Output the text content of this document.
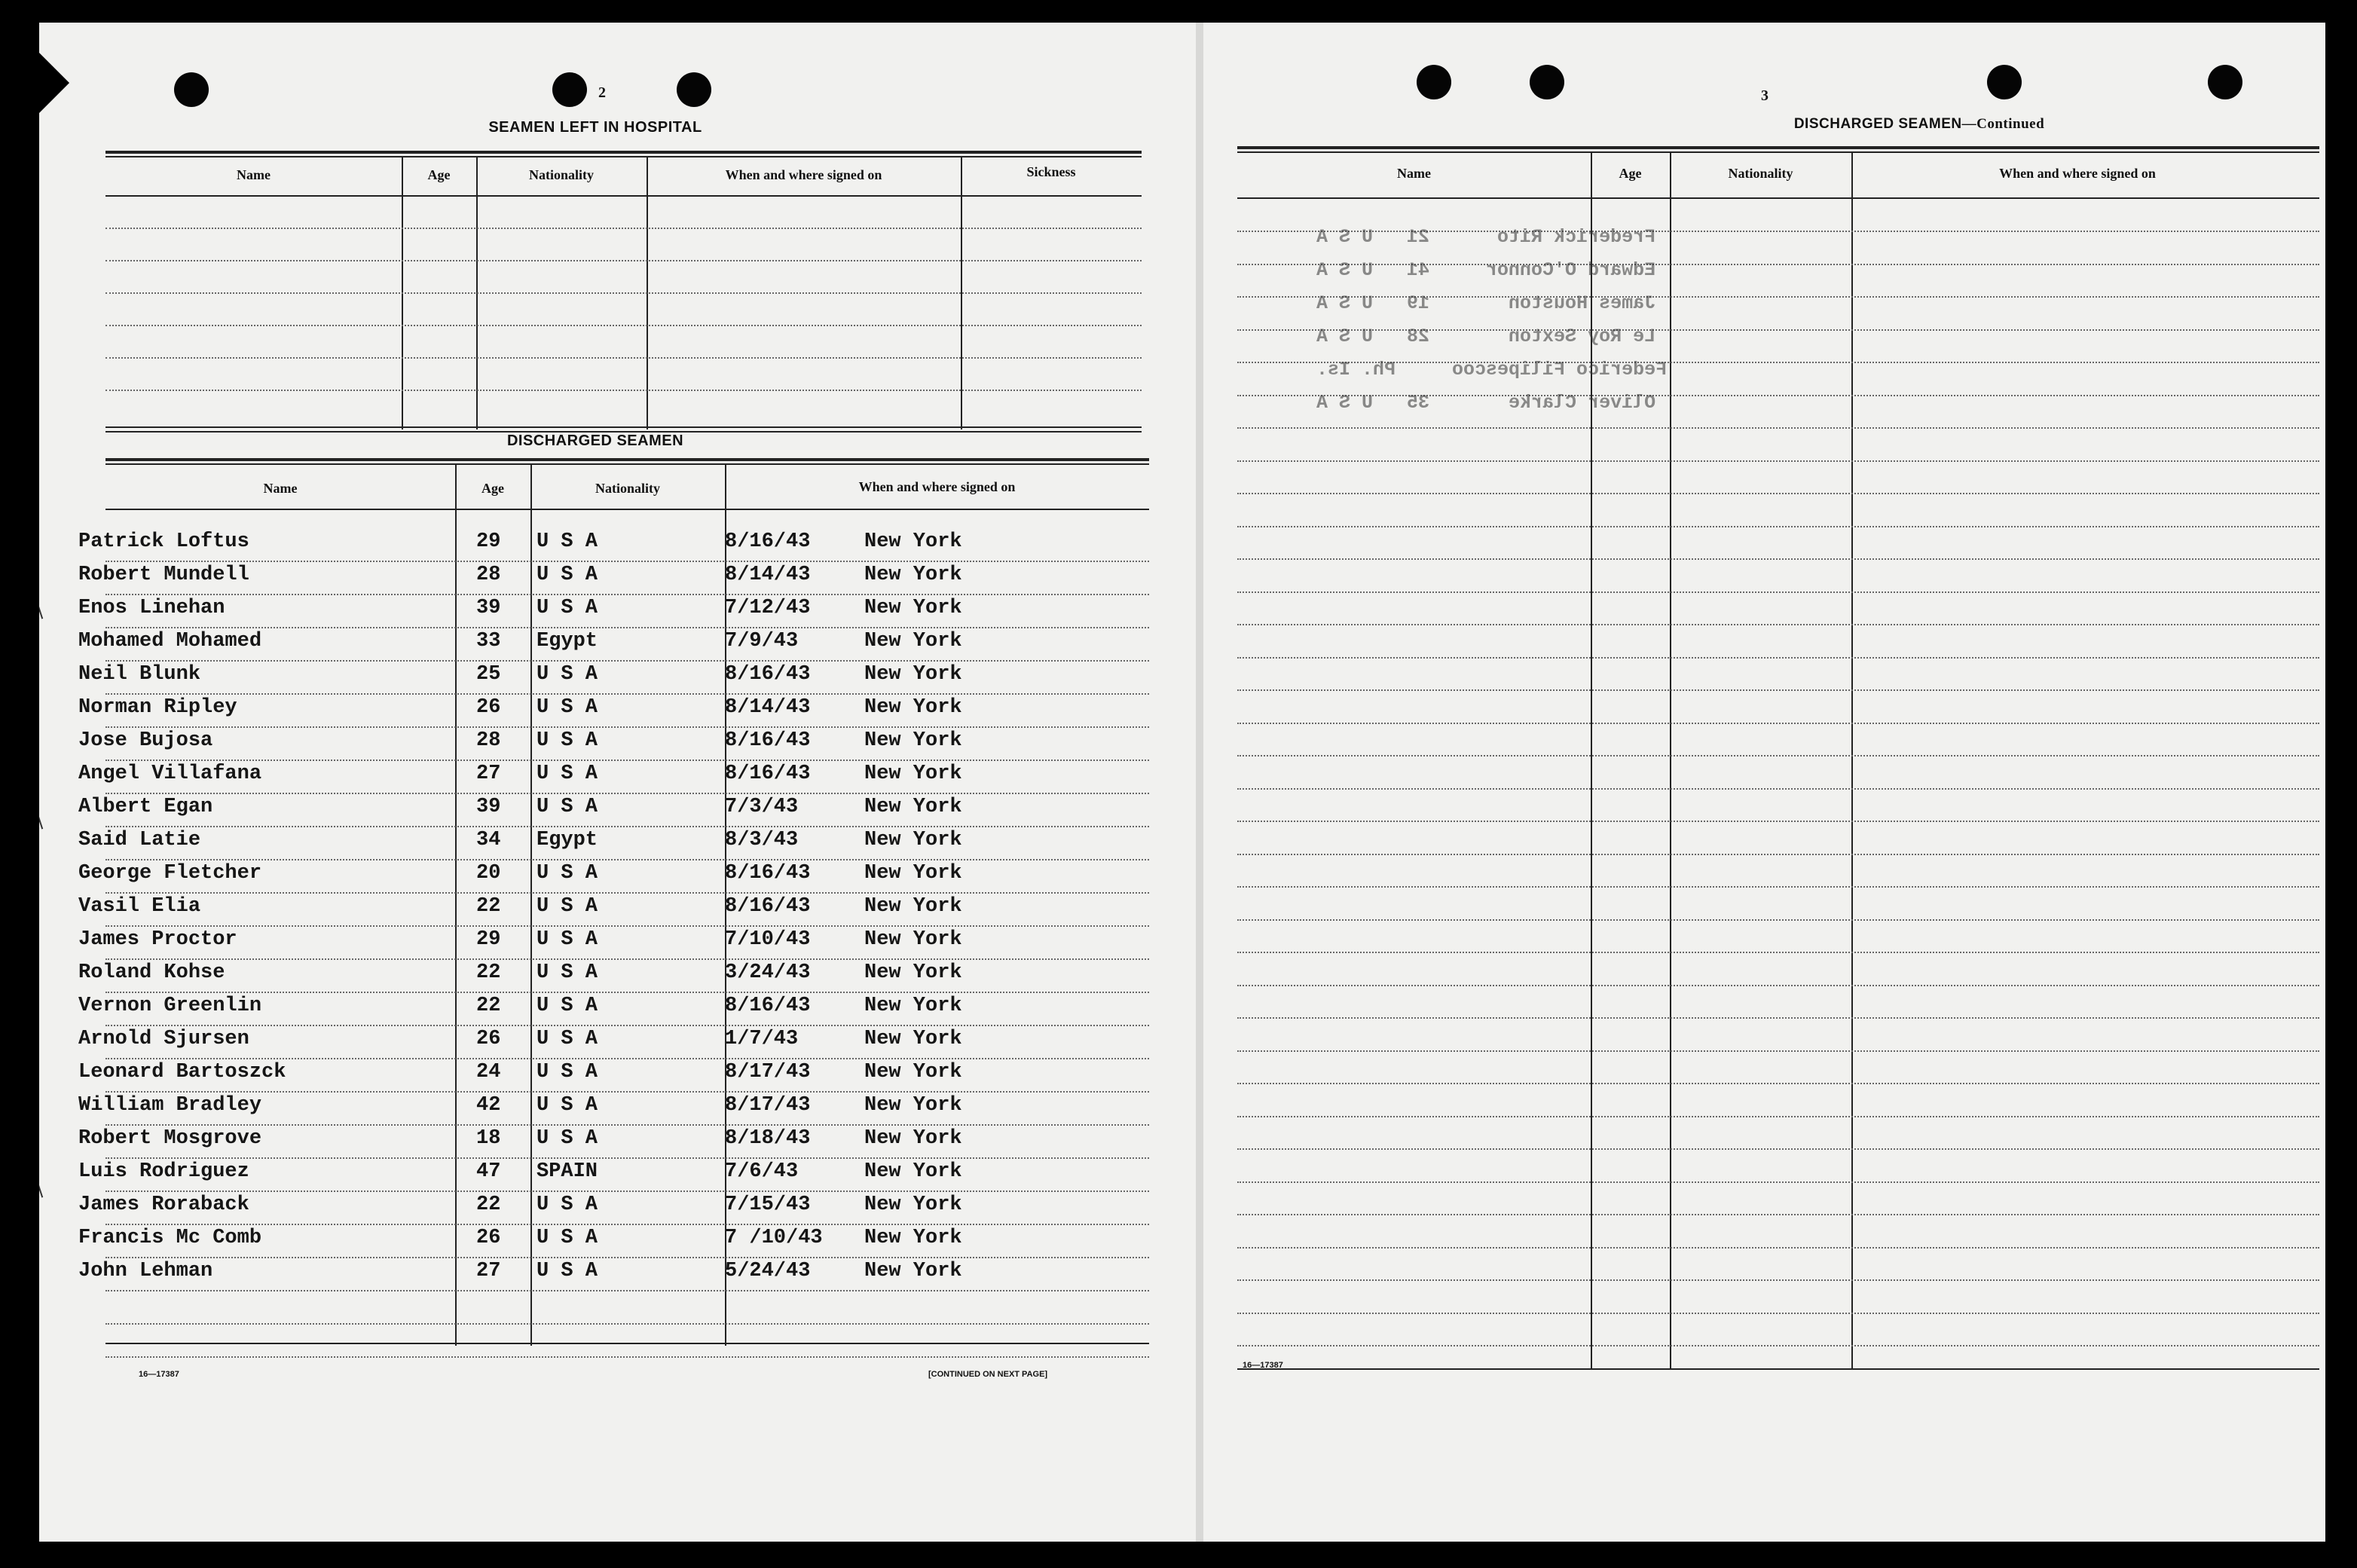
2
SEAMEN LEFT IN HOSPITAL
Name	Age	Nationality	When and where signed on	Sickness
DISCHARGED SEAMEN
Name	Age	Nationality	When and where signed on
Patrick Loftus	29 U S A	8/16/43	New York
Robert Mundell	28 U S A	8/14/43	New York
Enos Linehan	39 U S A	7/12/43	New York
Mohamed Mohamed	33 Egypt	7/9/43	New York
Neil Blunk	25 U S A	8/16/43	New York
Norman Ripley	26 U S A	8/14/43	New York
Jose Bujosa	28 U S A	8/16/43	New York
Angel Villafana	27 U S A	8/16/43	New York
Albert Egan	39 U S A	7/3/43	New York
Said Latie	34 Egypt	8/3/43	New York
George Fletcher	20 U S A	8/16/43	New York
Vasil Elia	22 U S A	8/16/43	New York
James Proctor	29 U S A	7/10/43	New York
Roland Kohse	22 U S A	3/24/43	New York
Vernon Greenlin	22 U S A	8/16/43	New York
Arnold Sjursen	26 U S A	1/7/43	New York
Leonard Bartoszck	24 U S A	8/17/43	New York
William Bradley	42 U S A	8/17/43	New York
Robert Mosgrove	18 U S A	8/18/43	New York
Luis Rodriguez	47 SPAIN	7/6/43	New York
James Roraback	22 U S A	7/15/43	New York
Francis Mc Comb	26 U S A	7 /10/43 New York
John Lehman	27 U S A	5/24/43	New York
16—17387	[CONTINUED ON NEXT PAGE]
3
DISCHARGED SEAMEN—Continued
Name	Age	Nationality	When and where signed on
Frederick Rito      21   U S A
Edward O'Connor     41   U S A
James Houston       19   U S A
Le Roy Sexton       28   U S A
Federico Filipescoo     Ph. Is.
Oliver Clarke       35   U S A
16—17387
